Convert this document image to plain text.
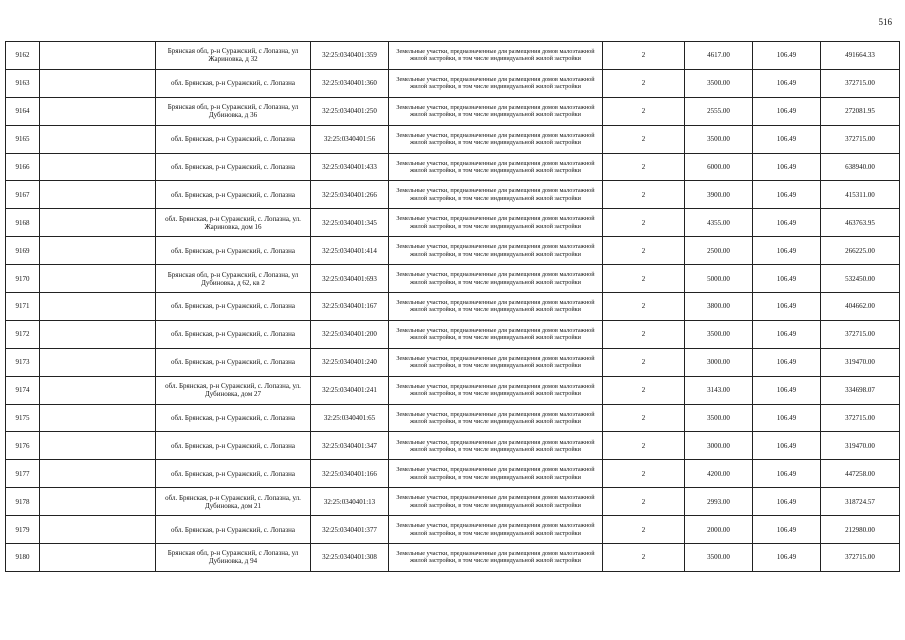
516
9162		Брянская обл, р-н Суражский, с Лопазна, ул Жариновка, д 32	32:25:0340401:359	Земельные участки, предназначенные для размещения домов малоэтажной жилой застройки, в том числе индивидуальной жилой застройки	2	4617.00	106.49	491664.33
9163		обл. Брянская, р-н Суражский, с. Лопазна	32:25:0340401:360	Земельные участки, предназначенные для размещения домов малоэтажной жилой застройки, в том числе индивидуальной жилой застройки	2	3500.00	106.49	372715.00
9164		Брянская обл, р-н Суражский, с Лопазна, ул Дубиновка, д 36	32:25:0340401:250	Земельные участки, предназначенные для размещения домов малоэтажной жилой застройки, в том числе индивидуальной жилой застройки	2	2555.00	106.49	272081.95
9165		обл. Брянская, р-н Суражский, с. Лопазна	32:25:0340401:56	Земельные участки, предназначенные для размещения домов малоэтажной жилой застройки, в том числе индивидуальной жилой застройки	2	3500.00	106.49	372715.00
9166		обл. Брянская, р-н Суражский, с. Лопазна	32:25:0340401:433	Земельные участки, предназначенные для размещения домов малоэтажной жилой застройки, в том числе индивидуальной жилой застройки	2	6000.00	106.49	638940.00
9167		обл. Брянская, р-н Суражский, с. Лопазна	32:25:0340401:266	Земельные участки, предназначенные для размещения домов малоэтажной жилой застройки, в том числе индивидуальной жилой застройки	2	3900.00	106.49	415311.00
9168		обл. Брянская, р-н Суражский, с. Лопазна, ул. Жариновка, дом 16	32:25:0340401:345	Земельные участки, предназначенные для размещения домов малоэтажной жилой застройки, в том числе индивидуальной жилой застройки	2	4355.00	106.49	463763.95
9169		обл. Брянская, р-н Суражский, с. Лопазна	32:25:0340401:414	Земельные участки, предназначенные для размещения домов малоэтажной жилой застройки, в том числе индивидуальной жилой застройки	2	2500.00	106.49	266225.00
9170		Брянская обл, р-н Суражский, с Лопазна, ул Дубиновка, д 62, кв 2	32:25:0340401:693	Земельные участки, предназначенные для размещения домов малоэтажной жилой застройки, в том числе индивидуальной жилой застройки	2	5000.00	106.49	532450.00
9171		обл. Брянская, р-н Суражский, с. Лопазна	32:25:0340401:167	Земельные участки, предназначенные для размещения домов малоэтажной жилой застройки, в том числе индивидуальной жилой застройки	2	3800.00	106.49	404662.00
9172		обл. Брянская, р-н Суражский, с. Лопазна	32:25:0340401:200	Земельные участки, предназначенные для размещения домов малоэтажной жилой застройки, в том числе индивидуальной жилой застройки	2	3500.00	106.49	372715.00
9173		обл. Брянская, р-н Суражский, с. Лопазна	32:25:0340401:240	Земельные участки, предназначенные для размещения домов малоэтажной жилой застройки, в том числе индивидуальной жилой застройки	2	3000.00	106.49	319470.00
9174		обл. Брянская, р-н Суражский, с. Лопазна, ул. Дубиновка, дом 27	32:25:0340401:241	Земельные участки, предназначенные для размещения домов малоэтажной жилой застройки, в том числе индивидуальной жилой застройки	2	3143.00	106.49	334698.07
9175		обл. Брянская, р-н Суражский, с. Лопазна	32:25:0340401:65	Земельные участки, предназначенные для размещения домов малоэтажной жилой застройки, в том числе индивидуальной жилой застройки	2	3500.00	106.49	372715.00
9176		обл. Брянская, р-н Суражский, с. Лопазна	32:25:0340401:347	Земельные участки, предназначенные для размещения домов малоэтажной жилой застройки, в том числе индивидуальной жилой застройки	2	3000.00	106.49	319470.00
9177		обл. Брянская, р-н Суражский, с. Лопазна	32:25:0340401:166	Земельные участки, предназначенные для размещения домов малоэтажной жилой застройки, в том числе индивидуальной жилой застройки	2	4200.00	106.49	447258.00
9178		обл. Брянская, р-н Суражский, с. Лопазна, ул. Дубиновка, дом 21	32:25:0340401:13	Земельные участки, предназначенные для размещения домов малоэтажной жилой застройки, в том числе индивидуальной жилой застройки	2	2993.00	106.49	318724.57
9179		обл. Брянская, р-н Суражский, с. Лопазна	32:25:0340401:377	Земельные участки, предназначенные для размещения домов малоэтажной жилой застройки, в том числе индивидуальной жилой застройки	2	2000.00	106.49	212980.00
9180		Брянская обл, р-н Суражский, с Лопазна, ул Дубиновка, д 94	32:25:0340401:308	Земельные участки, предназначенные для размещения домов малоэтажной жилой застройки, в том числе индивидуальной жилой застройки	2	3500.00	106.49	372715.00
